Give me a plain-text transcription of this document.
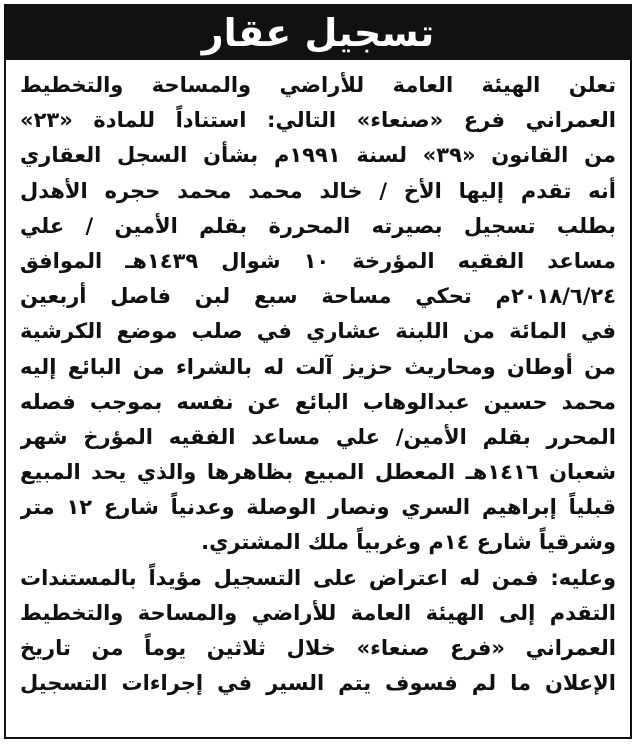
تسجيل عقار
تعلن الهيئة العامة للأراضي والمساحة والتخطيط
العمراني فرع «صنعاء» التالي: استناداً للمادة «٢٣»
من القانون «٣٩» لسنة ١٩٩١م بشأن السجل العقاري
أنه تقدم إليها الأخ / خالد محمد محمد حجره الأهدل
بطلب تسجيل بصيرته المحررة بقلم الأمين / علي
مساعد الفقيه المؤرخة ١٠ شوال ١٤٣٩هـ الموافق
٢٠١٨/٦/٢٤م تحكي مساحة سبع لبن فاصل أربعين
في المائة من اللبنة عشاري في صلب موضع الكرشية
من أوطان ومحاريث حزيز آلت له بالشراء من البائع إليه
محمد حسين عبدالوهاب البائع عن نفسه بموجب فصله
المحرر بقلم الأمين/ علي مساعد الفقيه المؤرخ شهر
شعبان ١٤١٦هـ المعطل المبيع بظاهرها والذي يحد المبيع
قبلياً إبراهيم السري ونصار الوصلة وعدنياً شارع ١٢ متر
وشرقياً شارع ١٤م وغربياً ملك المشتري.
وعليه: فمن له اعتراض على التسجيل مؤيداً بالمستندات
التقدم إلى الهيئة العامة للأراضي والمساحة والتخطيط
العمراني «فرع صنعاء» خلال ثلاثين يوماً من تاريخ
الإعلان ما لم فسوف يتم السير في إجراءات التسجيل
